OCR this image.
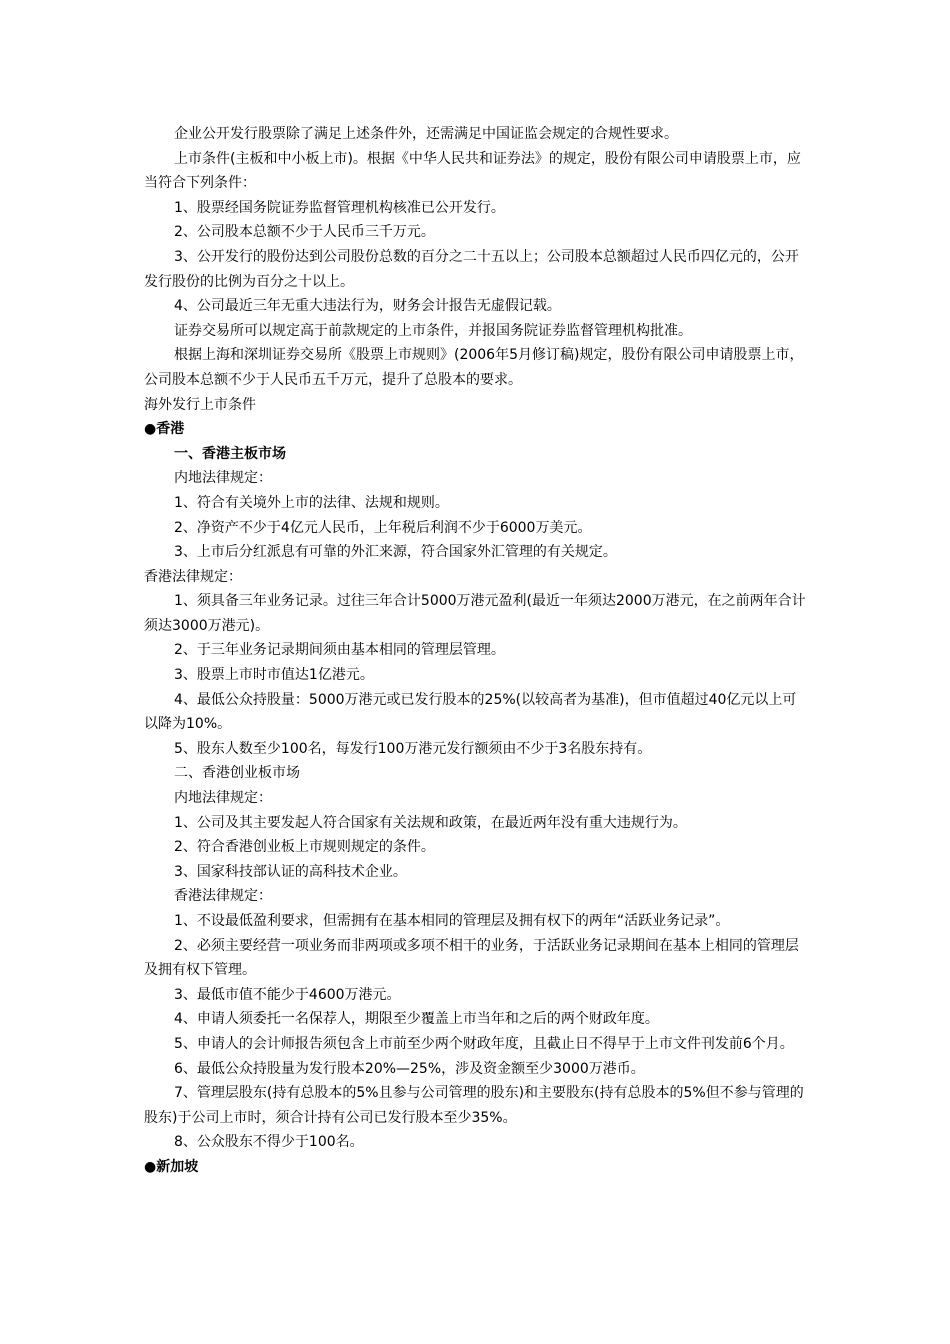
企业公开发行股票除了满足上述条件外，还需满足中国证监会规定的合规性要求。

上市条件(主板和中小板上市)。根据《中华人民共和证券法》的规定，股份有限公司申请股票上市，应当符合下列条件：

1、股票经国务院证券监督管理机构核准已公开发行。

2、公司股本总额不少于人民币三千万元。

3、公开发行的股份达到公司股份总数的百分之二十五以上；公司股本总额超过人民币四亿元的，公开发行股份的比例为百分之十以上。

4、公司最近三年无重大违法行为，财务会计报告无虚假记载。

证券交易所可以规定高于前款规定的上市条件，并报国务院证券监督管理机构批准。

根据上海和深圳证券交易所《股票上市规则》(2006年5月修订稿)规定，股份有限公司申请股票上市，公司股本总额不少于人民币五千万元，提升了总股本的要求。

海外发行上市条件

●香港

一、香港主板市场

内地法律规定：

1、符合有关境外上市的法律、法规和规则。

2、净资产不少于4亿元人民币，上年税后利润不少于6000万美元。

3、上市后分红派息有可靠的外汇来源，符合国家外汇管理的有关规定。

香港法律规定：

1、须具备三年业务记录。过往三年合计5000万港元盈利(最近一年须达2000万港元，在之前两年合计须达3000万港元)。

2、于三年业务记录期间须由基本相同的管理层管理。

3、股票上市时市值达1亿港元。

4、最低公众持股量：5000万港元或已发行股本的25%(以较高者为基准)，但市值超过40亿元以上可以降为10%。

5、股东人数至少100名，每发行100万港元发行额须由不少于3名股东持有。

二、香港创业板市场

内地法律规定：

1、公司及其主要发起人符合国家有关法规和政策，在最近两年没有重大违规行为。

2、符合香港创业板上市规则规定的条件。

3、国家科技部认证的高科技术企业。

香港法律规定：

1、不设最低盈利要求，但需拥有在基本相同的管理层及拥有权下的两年“活跃业务记录”。

2、必须主要经营一项业务而非两项或多项不相干的业务，于活跃业务记录期间在基本上相同的管理层及拥有权下管理。

3、最低市值不能少于4600万港元。

4、申请人须委托一名保荐人，期限至少覆盖上市当年和之后的两个财政年度。

5、申请人的会计师报告须包含上市前至少两个财政年度，且截止日不得早于上市文件刊发前6个月。

6、最低公众持股量为发行股本20%—25%，涉及资金额至少3000万港币。

7、管理层股东(持有总股本的5%且参与公司管理的股东)和主要股东(持有总股本的5%但不参与管理的股东)于公司上市时，须合计持有公司已发行股本至少35%。

8、公众股东不得少于100名。

●新加坡
